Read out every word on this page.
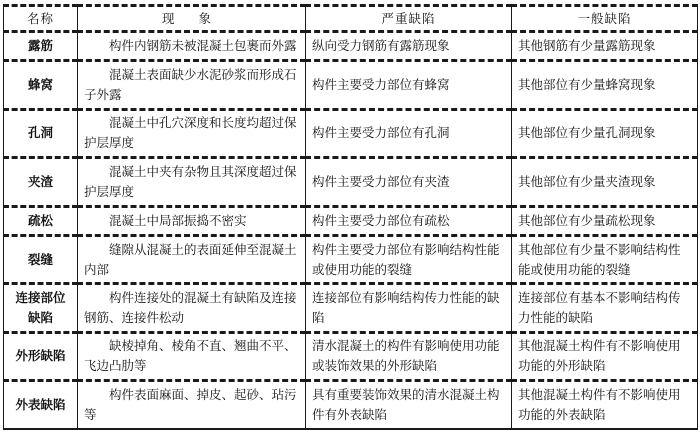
名称	现 象	严重缺陷	一般缺陷
露筋	构件内钢筋未被混凝土包裹而外露	纵向受力钢筋有露筋现象	其他钢筋有少量露筋现象
蜂窝	混凝土表面缺少水泥砂浆而形成石子外露	构件主要受力部位有蜂窝	其他部位有少量蜂窝现象
孔洞	混凝土中孔穴深度和长度均超过保护层厚度	构件主要受力部位有孔洞	其他部位有少量孔洞现象
夹渣	混凝土中夹有杂物且其深度超过保护层厚度	构件主要受力部位有夹渣	其他部位有少量夹渣现象
疏松	混凝土中局部振捣不密实	构件主要受力部位有疏松	其他部位有少量疏松现象
裂缝	缝隙从混凝土的表面延伸至混凝土内部	构件主要受力部位有影响结构性能或使用功能的裂缝	其他部位有少量不影响结构性能或使用功能的裂缝
连接部位缺陷	构件连接处的混凝土有缺陷及连接钢筋、连接件松动	连接部位有影响结构传力性能的缺陷	连接部位有基本不影响结构传力性能的缺陷
外形缺陷	缺棱掉角、棱角不直、翘曲不平、飞边凸肋等	清水混凝土的构件有影响使用功能或装饰效果的外形缺陷	其他混凝土构件有不影响使用功能的外形缺陷
外表缺陷	构件表面麻面、掉皮、起砂、玷污等	具有重要装饰效果的清水混凝土构件有外表缺陷	其他混凝土构件有不影响使用功能的外表缺陷
